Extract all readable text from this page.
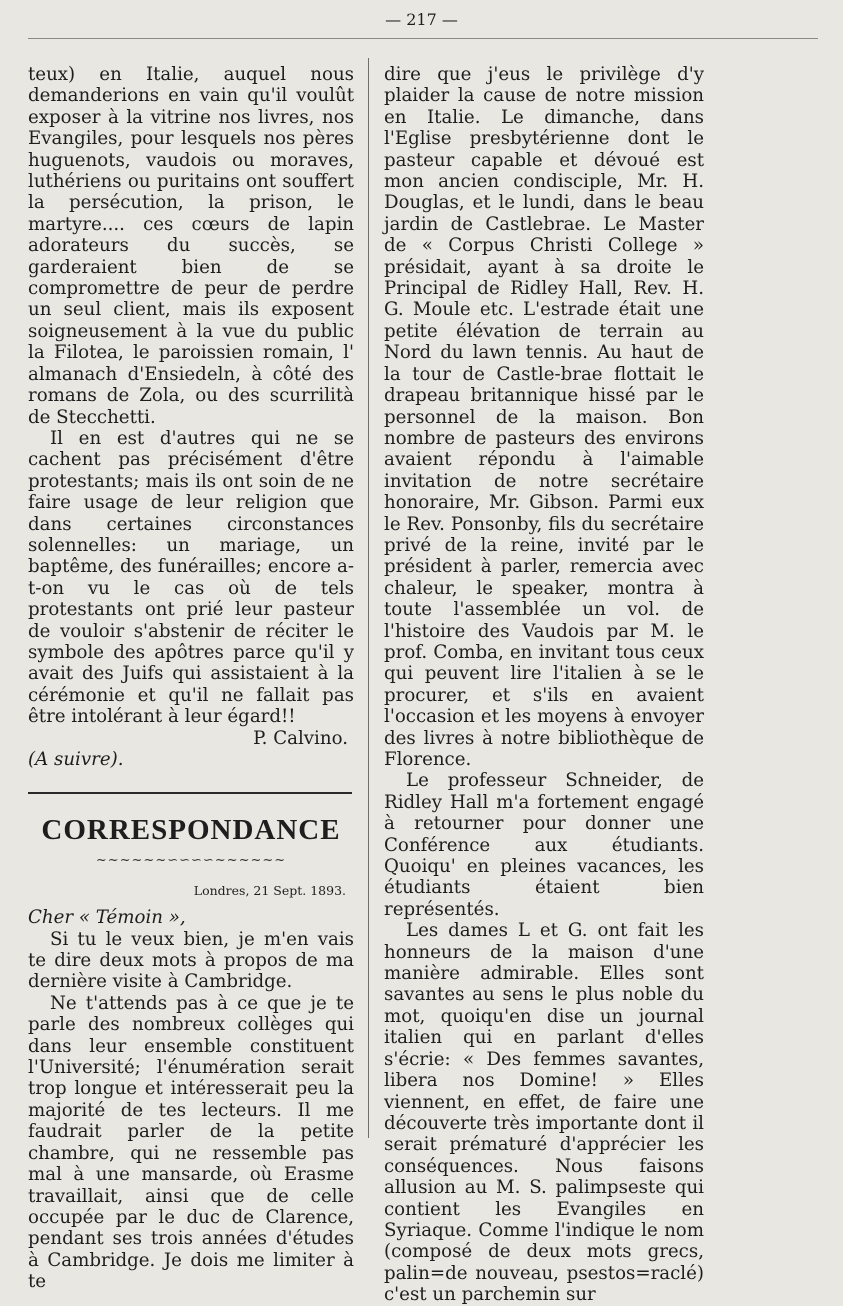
— 217 —

teux) en Italie, auquel nous demanderions en vain qu'il voulût exposer à la vitrine nos livres, nos Evangiles, pour lesquels nos pères huguenots, vaudois ou moraves, luthériens ou puritains ont souffert la persécution, la prison, le martyre.... ces cœurs de lapin adorateurs du succès, se garderaient bien de se compromettre de peur de perdre un seul client, mais ils exposent soigneusement à la vue du public la Filotea, le paroissien romain, l' almanach d'Ensiedeln, à côté des romans de Zola, ou des scurrilità de Stecchetti.

Il en est d'autres qui ne se cachent pas précisément d'être protestants; mais ils ont soin de ne faire usage de leur religion que dans certaines circonstances solennelles: un mariage, un baptême, des funérailles; encore a-t-on vu le cas où de tels protestants ont prié leur pasteur de vouloir s'abstenir de réciter le symbole des apôtres parce qu'il y avait des Juifs qui assistaient à la cérémonie et qu'il ne fallait pas être intolérant à leur égard!!

P. Calvino.

(A suivre).

CORRESPONDANCE
~~~~~~∽∽∽∽~~~~~~
Londres, 21 Sept. 1893.

Cher « Témoin »,

Si tu le veux bien, je m'en vais te dire deux mots à propos de ma dernière visite à Cambridge.

Ne t'attends pas à ce que je te parle des nombreux collèges qui dans leur ensemble constituent l'Université; l'énumération serait trop longue et intéresserait peu la majorité de tes lecteurs. Il me faudrait parler de la petite chambre, qui ne ressemble pas mal à une mansarde, où Erasme travaillait, ainsi que de celle occupée par le duc de Clarence, pendant ses trois années d'études à Cambridge. Je dois me limiter à te

dire que j'eus le privilège d'y plaider la cause de notre mission en Italie. Le dimanche, dans l'Eglise presbytérienne dont le pasteur capable et dévoué est mon ancien condisciple, Mr. H. Douglas, et le lundi, dans le beau jardin de Castlebrae. Le Master de « Corpus Christi College » présidait, ayant à sa droite le Principal de Ridley Hall, Rev. H. G. Moule etc. L'estrade était une petite élévation de terrain au Nord du lawn tennis. Au haut de la tour de Castle-brae flottait le drapeau britannique hissé par le personnel de la maison. Bon nombre de pasteurs des environs avaient répondu à l'aimable invitation de notre secrétaire honoraire, Mr. Gibson. Parmi eux le Rev. Ponsonby, fils du secrétaire privé de la reine, invité par le président à parler, remercia avec chaleur, le speaker, montra à toute l'assemblée un vol. de l'histoire des Vaudois par M. le prof. Comba, en invitant tous ceux qui peuvent lire l'italien à se le procurer, et s'ils en avaient l'occasion et les moyens à envoyer des livres à notre bibliothèque de Florence.

Le professeur Schneider, de Ridley Hall m'a fortement engagé à retourner pour donner une Conférence aux étudiants. Quoiqu' en pleines vacances, les étudiants étaient bien représentés.

Les dames L et G. ont fait les honneurs de la maison d'une manière admirable. Elles sont savantes au sens le plus noble du mot, quoiqu'en dise un journal italien qui en parlant d'elles s'écrie: « Des femmes savantes, libera nos Domine! » Elles viennent, en effet, de faire une découverte très importante dont il serait prématuré d'apprécier les conséquences. Nous faisons allusion au M. S. palimpseste qui contient les Evangiles en Syriaque. Comme l'indique le nom (composé de deux mots grecs, palin=de nouveau, psestos=raclé) c'est un parchemin sur
